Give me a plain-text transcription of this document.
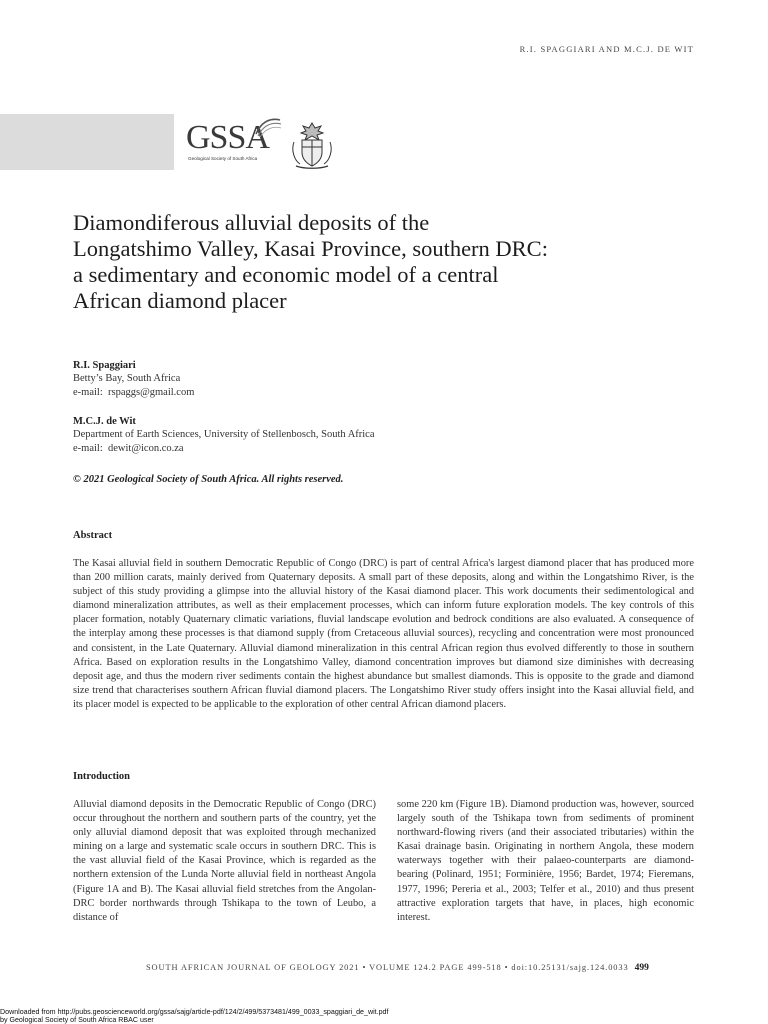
R.I. SPAGGIARI AND M.C.J. DE WIT
GSSA
Geological Society of South Africa
Diamondiferous alluvial deposits of the
Longatshimo Valley, Kasai Province, southern DRC:
a sedimentary and economic model of a central
African diamond placer
R.I. Spaggiari
Betty’s Bay, South Africa
e-mail: rspaggs@gmail.com
M.C.J. de Wit
Department of Earth Sciences, University of Stellenbosch, South Africa
e-mail: dewit@icon.co.za
© 2021 Geological Society of South Africa. All rights reserved.
Abstract
The Kasai alluvial field in southern Democratic Republic of Congo (DRC) is part of central Africa's largest diamond placer that has produced more than 200 million carats, mainly derived from Quaternary deposits. A small part of these deposits, along and within the Longatshimo River, is the subject of this study providing a glimpse into the alluvial history of the Kasai diamond placer. This work documents their sedimentological and diamond mineralization attributes, as well as their emplacement processes, which can inform future exploration models. The key controls of this placer formation, notably Quaternary climatic variations, fluvial landscape evolution and bedrock conditions are also evaluated. A consequence of the interplay among these processes is that diamond supply (from Cretaceous alluvial sources), recycling and concentration were most pronounced and consistent, in the Late Quaternary. Alluvial diamond mineralization in this central African region thus evolved differently to those in southern Africa. Based on exploration results in the Longatshimo Valley, diamond concentration improves but diamond size diminishes with decreasing deposit age, and thus the modern river sediments contain the highest abundance but smallest diamonds. This is opposite to the grade and diamond size trend that characterises southern African fluvial diamond placers. The Longatshimo River study offers insight into the Kasai alluvial field, and its placer model is expected to be applicable to the exploration of other central African diamond placers.
Introduction
Alluvial diamond deposits in the Democratic Republic of Congo (DRC) occur throughout the northern and southern parts of the country, yet the only alluvial diamond deposit that was exploited through mechanized mining on a large and systematic scale occurs in southern DRC. This is the vast alluvial field of the Kasai Province, which is regarded as the northern extension of the Lunda Norte alluvial field in northeast Angola (Figure 1A and B). The Kasai alluvial field stretches from the Angolan-DRC border northwards through Tshikapa to the town of Leubo, a distance of
some 220 km (Figure 1B). Diamond production was, however, sourced largely south of the Tshikapa town from sediments of prominent northward-flowing rivers (and their associated tributaries) within the Kasai drainage basin. Originating in northern Angola, these modern waterways together with their palaeo-counterparts are diamond-bearing (Polinard, 1951; Forminière, 1956; Bardet, 1974; Fieremans, 1977, 1996; Pereria et al., 2003; Telfer et al., 2010) and thus present attractive exploration targets that have, in places, high economic interest.
SOUTH AFRICAN JOURNAL OF GEOLOGY 2021 • VOLUME 124.2 PAGE 499-518 • doi:10.25131/sajg.124.0033 499
Downloaded from http://pubs.geoscienceworld.org/gssa/sajg/article-pdf/124/2/499/5373481/499_0033_spaggiari_de_wit.pdf
by Geological Society of South Africa RBAC user
